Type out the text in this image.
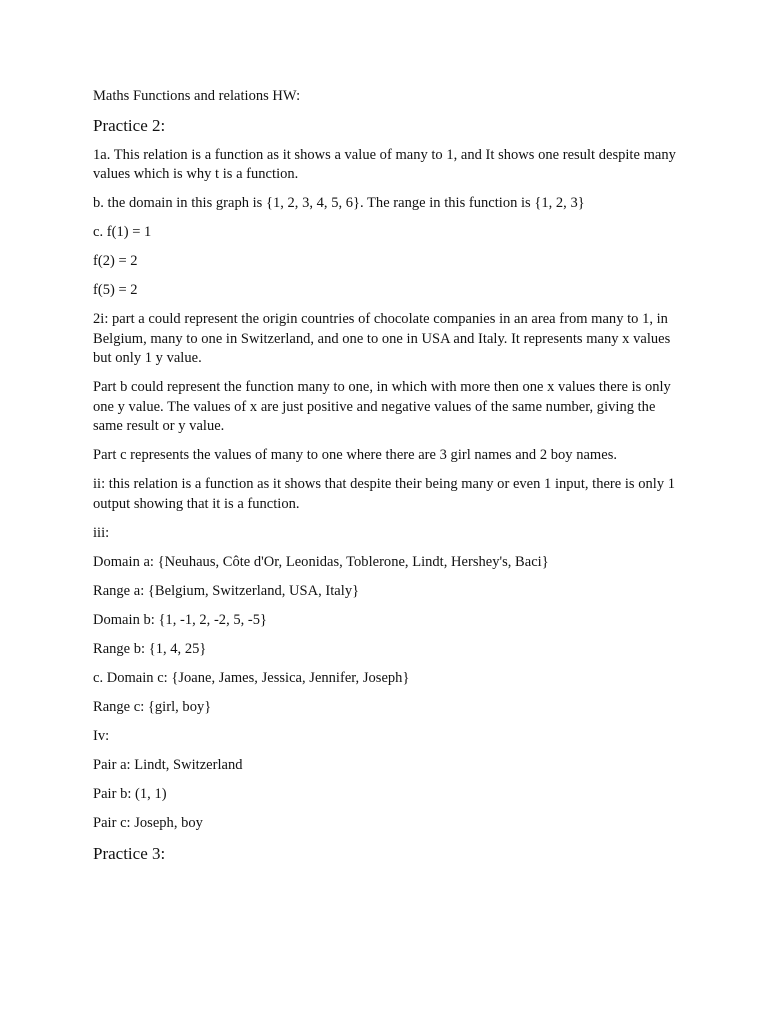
Maths Functions and relations HW:

Practice 2:

1a. This relation is a function as it shows a value of many to 1, and It shows one result despite many values which is why t is a function.

b. the domain in this graph is {1, 2, 3, 4, 5, 6}. The range in this function is {1, 2, 3}

c. f(1) = 1

f(2) = 2

f(5) = 2

2i: part a could represent the origin countries of chocolate companies in an area from many to 1, in Belgium, many to one in Switzerland, and one to one in USA and Italy. It represents many x values but only 1 y value.

Part b could represent the function many to one, in which with more then one x values there is only one y value. The values of x are just positive and negative values of the same number, giving the same result or y value.

Part c represents the values of many to one where there are 3 girl names and 2 boy names.

ii: this relation is a function as it shows that despite their being many or even 1 input, there is only 1 output showing that it is a function.

iii:

Domain a: {Neuhaus, Côte d'Or, Leonidas, Toblerone, Lindt, Hershey's, Baci}

Range a: {Belgium, Switzerland, USA, Italy}

Domain b: {1, -1, 2, -2, 5, -5}

Range b: {1, 4, 25}

c. Domain c: {Joane, James, Jessica, Jennifer, Joseph}

Range c: {girl, boy}

Iv:

Pair a: Lindt, Switzerland

Pair b: (1, 1)

Pair c: Joseph, boy

Practice 3:
